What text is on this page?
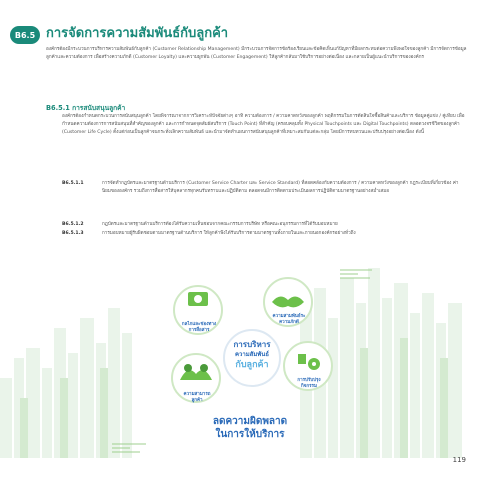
B6.5 การจัดการความสัมพันธ์กับลูกค้า
องค์กรต้องมีกระบวนการบริหารความสัมพันธ์กับลูกค้า (Customer Relationship Management) มีกระบวนการจัดการข้อร้องเรียนและข้อคิดเห็นแก้ปัญหาที่มีผลกระทบต่อความพึงพอใจของลูกค้า มีการจัดการข้อมูลลูกค้าและความต้องการ เพื่อสร้างความภักดี (Customer Loyalty) และความผูกพัน (Customer Engagement) ให้ลูกค้ากลับมาใช้บริการอย่างต่อเนื่อง และกลายเป็นผู้แนะนำบริการขององค์กร
B6.5.1 การสนับสนุนลูกค้า
องค์กรต้องกำหนดกระบวนการสนับสนุนลูกค้า โดยพิจารณาจากการวิเคราะห์ปัจจัยต่างๆ อาทิ ความต้องการ / ความคาดหวังของลูกค้า พฤติกรรมในการตัดสินใจซื้อสินค้าและบริการ ข้อมูลคู่แข่ง / คู่เทียบ เพื่อกำหนดความต้องการการสนับสนุนที่สำคัญของลูกค้า และการกำหนดจุดสัมผัสบริการ (Touch Point) ที่สำคัญ (ครอบคลุมทั้ง Physical Touchpoints และ Digital Touchpoints) ตลอดวงจรชีวิตของลูกค้า (Customer Life Cycle) ตั้งแต่ก่อนเป็นลูกค้าจนกระทั่งเลิกความสัมพันธ์ และนำมาจัดทำแผนการสนับสนุนลูกค้าที่เหมาะสมกับแต่ละกลุ่ม โดยมีการทบทวนและปรับปรุงอย่างต่อเนื่อง ดังนี้
B6.5.1.1	การจัดทำกฎบัตรและมาตรฐานด้านบริการ (Customer Service Charter และ Service Standard) ที่สอดคล้องกับความต้องการ / ความคาดหวังของลูกค้า กฎระเบียบที่เกี่ยวข้อง ค่านิยมขององค์กร รวมถึงการสื่อสารให้บุคลากรทุกคนรับทราบและปฏิบัติตาม ตลอดจนมีการติดตามประเมินผลการปฏิบัติตามมาตรฐานอย่างสม่ำเสมอ
B6.5.1.2	กฎบัตรและมาตรฐานด้านบริการต้องได้รับความเห็นชอบจากคณะกรรมการบริษัท หรือคณะอนุกรรมการที่ได้รับมอบหมาย
B6.5.1.3	การมอบหมายผู้รับผิดชอบตามมาตรฐานด้านบริการ ให้ลูกค้าพึงได้รับบริการตามมาตรฐานทั้งภายในและภายนอกองค์กรอย่างทั่วถึง
กลไกและช่องทาง
การสื่อสาร
ความสามพันธ์ระ
ความภักดี
การบริหาร
ความสัมพันธ์
กับลูกค้า
ความสามารถ
ลูกค้า
การปรับปรุง
กิจกรรม
ลดความผิดพลาด
ในการให้บริการ
119
